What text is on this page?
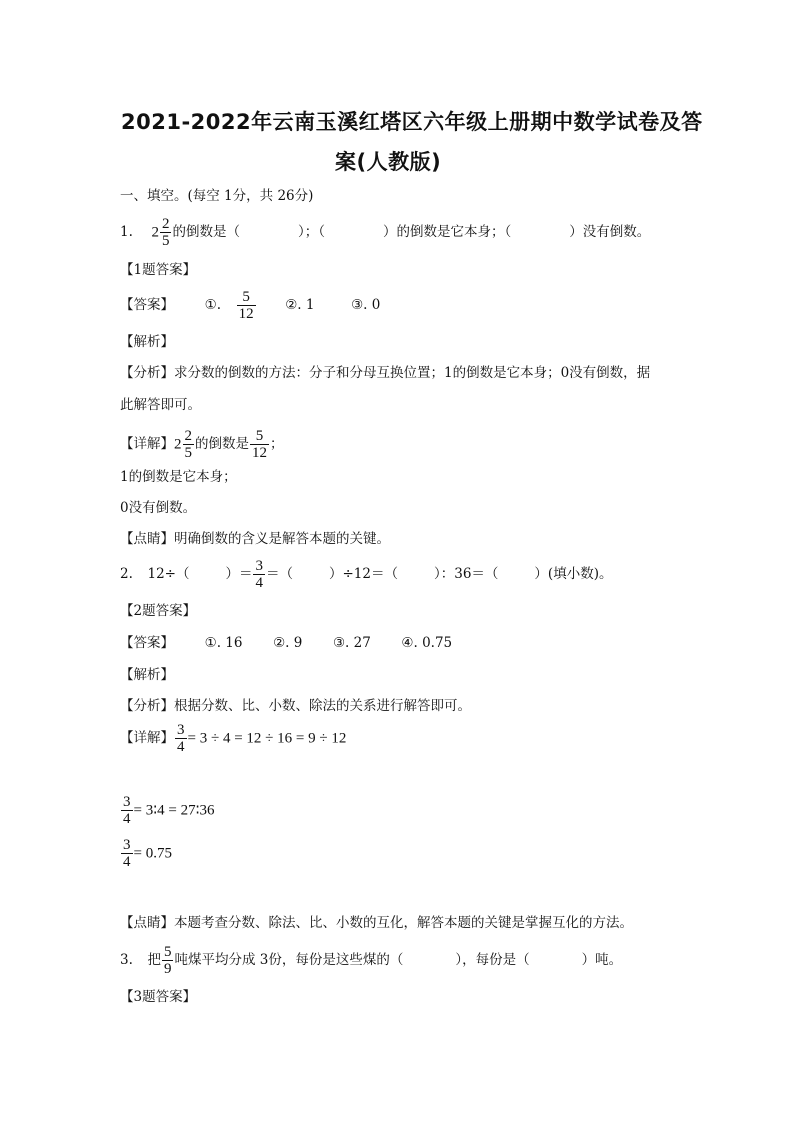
2021-2022年云南玉溪红塔区六年级上册期中数学试卷及答
案(人教版)
一、填空。(每空 1分，共 26分)
1. $2 \frac{2}{5}$ 的倒数是（	）；（	）的倒数是它本身；（	）没有倒数。
【1题答案】
【答案】 ①. $\frac{5}{12}$ ②. 1	③. 0
【解析】
【分析】求分数的倒数的方法：分子和分母互换位置；1的倒数是它本身；0没有倒数，据
此解答即可。
【详解】$2 \frac{2}{5}$ 的倒数是 $\frac{5}{12}$ ；
1的倒数是它本身；
0没有倒数。
【点睛】明确倒数的含义是解答本题的关键。
2. 12÷（	）＝ $\frac{3}{4}$ ＝（	）÷12＝（	）：36＝（	）(填小数)。
【2题答案】
【答案】 ①. 16 ②. 9 ③. 27 ④. 0.75
【解析】
【分析】根据分数、比、小数、除法的关系进行解答即可。
【详解】 $\frac{3}{4} = 3 \div 4 = 12 \div 16 = 9 \div 12$
$\frac{3}{4}$ = 3∶4 = 27∶36
$\frac{3}{4} = 0.75$
【点睛】本题考查分数、除法、比、小数的互化，解答本题的关键是掌握互化的方法。
3. 把 $\frac{5}{9}$ 吨煤平均分成 3份，每份是这些煤的（	），每份是（	）吨。
【3题答案】
